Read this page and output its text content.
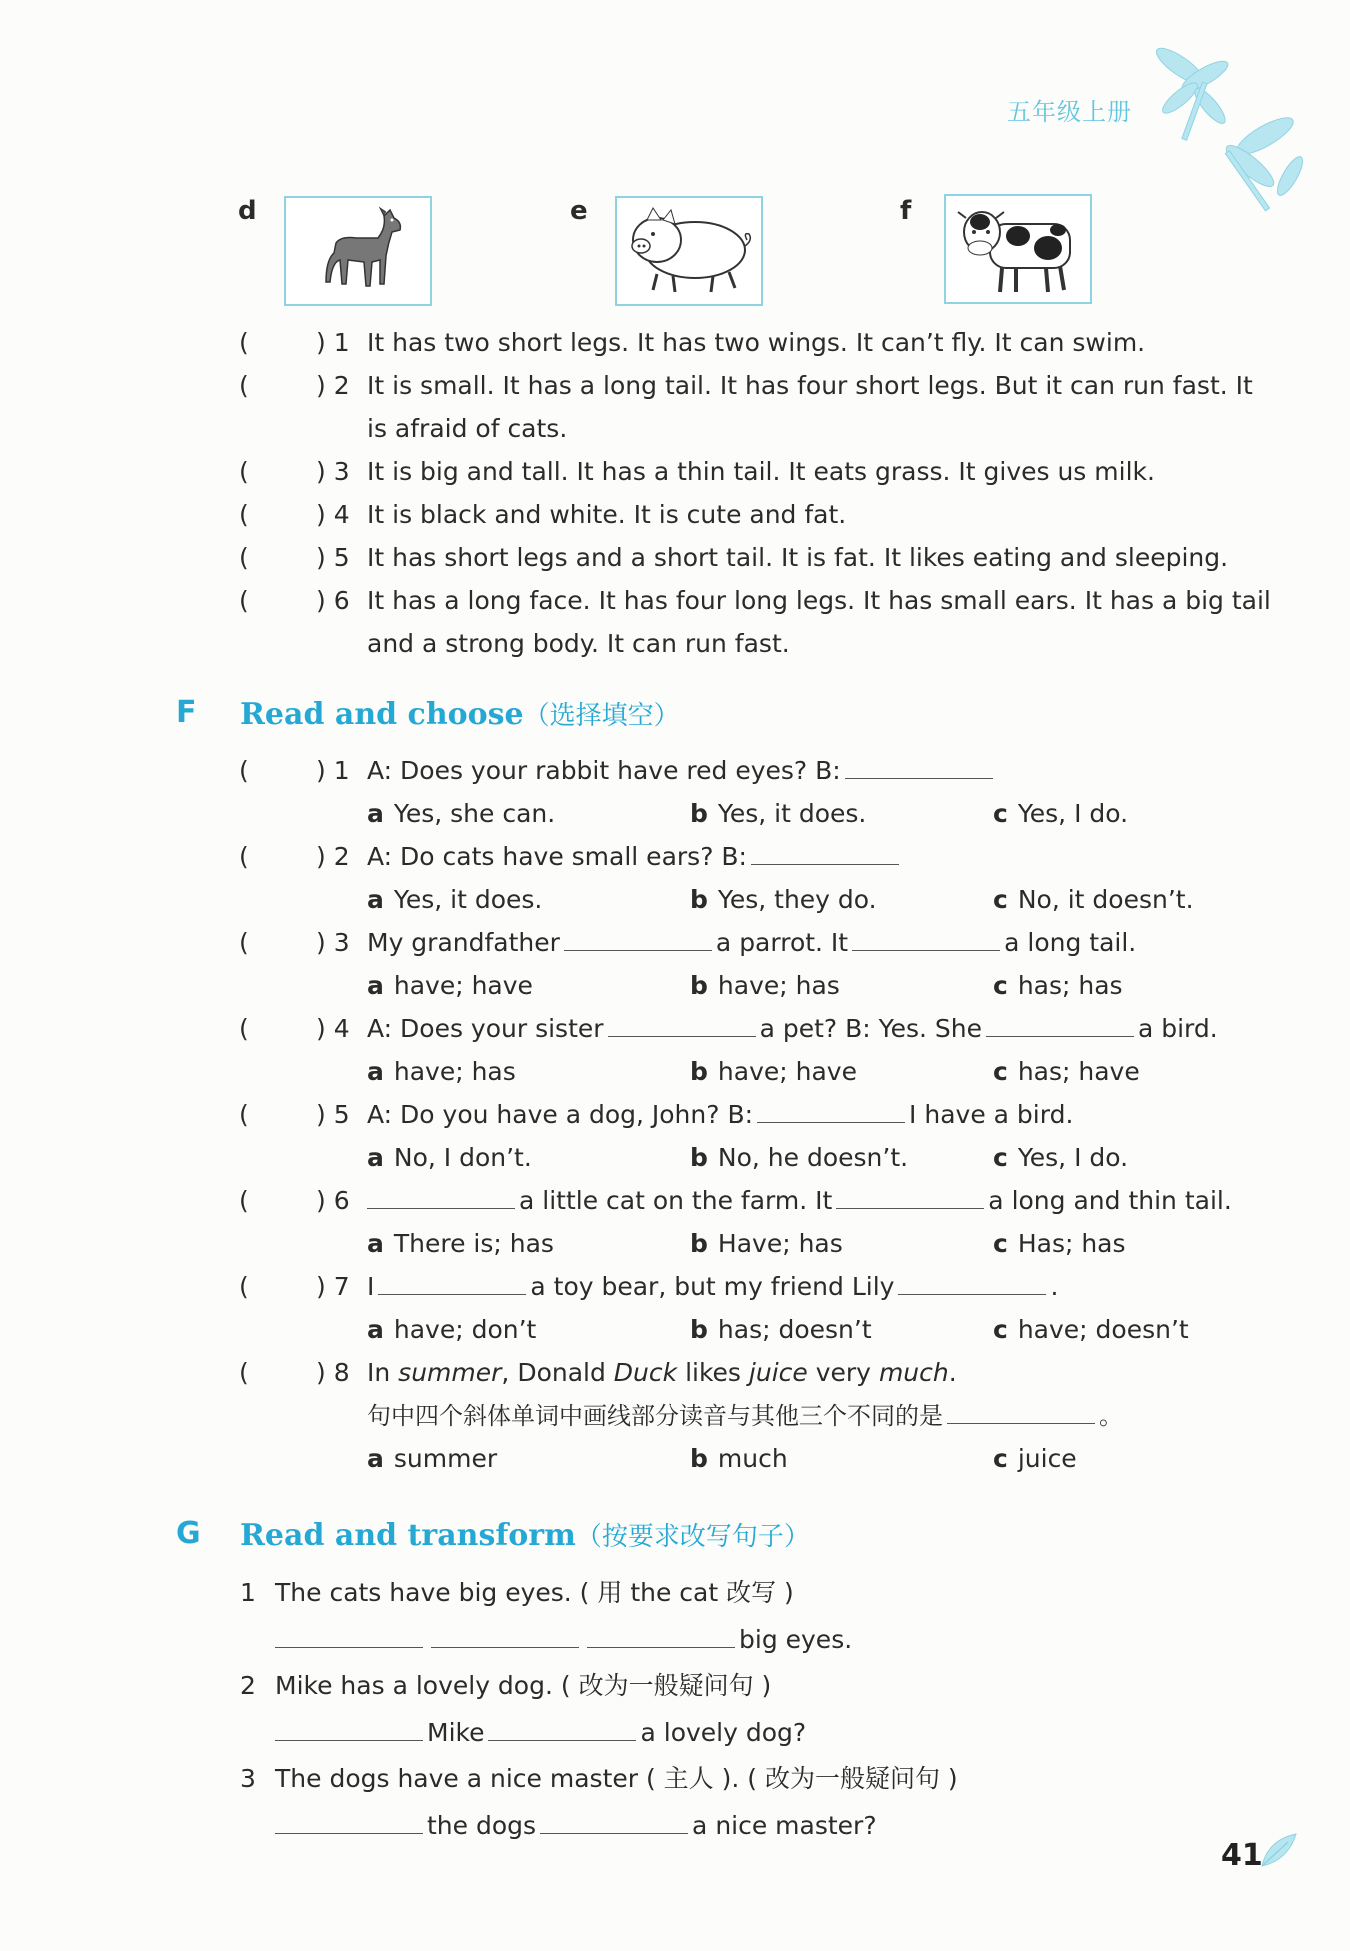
五年级上册
d	e	f
(	) 1 It has two short legs. It has two wings. It can’t fly. It can swim.
(	) 2 It is small. It has a long tail. It has four short legs. But it can run fast. It
is afraid of cats.
(	) 3 It is big and tall. It has a thin tail. It eats grass. It gives us milk.
(	) 4 It is black and white. It is cute and fat.
(	) 5 It has short legs and a short tail. It is fat. It likes eating and sleeping.
(	) 6 It has a long face. It has four long legs. It has small ears. It has a big tail
and a strong body. It can run fast.
F Read and choose（选择填空）
(	) 1 A: Does your rabbit have red eyes? B:
a Yes, she can.	b Yes, it does.	c Yes, I do.
(	) 2 A: Do cats have small ears? B:
a Yes, it does.	b Yes, they do.	c No, it doesn’t.
(	) 3 My grandfather	a parrot. It	a long tail.
a have; have	b have; has	c has; has
(	) 4 A: Does your sister	a pet? B: Yes. She	a bird.
a have; has	b have; have	c has; have
(	) 5 A: Do you have a dog, John? B:	I have a bird.
a No, I don’t.	b No, he doesn’t.	c Yes, I do.
(	) 6	a little cat on the farm. It	a long and thin tail.
a There is; has	b Have; has	c Has; has
(	) 7 I	a toy bear, but my friend Lily	.
a have; don’t	b has; doesn’t	c have; doesn’t
(	) 8 In summer, Donald Duck likes juice very much.
句中四个斜体单词中画线部分读音与其他三个不同的是	。
a summer	b much	c juice
G Read and transform（按要求改写句子）
1 The cats have big eyes. ( 用 the cat 改写 )
big eyes.
2 Mike has a lovely dog. ( 改为一般疑问句 )
Mike	a lovely dog?
3 The dogs have a nice master ( 主人 ). ( 改为一般疑问句 )
the dogs	a nice master?
41
